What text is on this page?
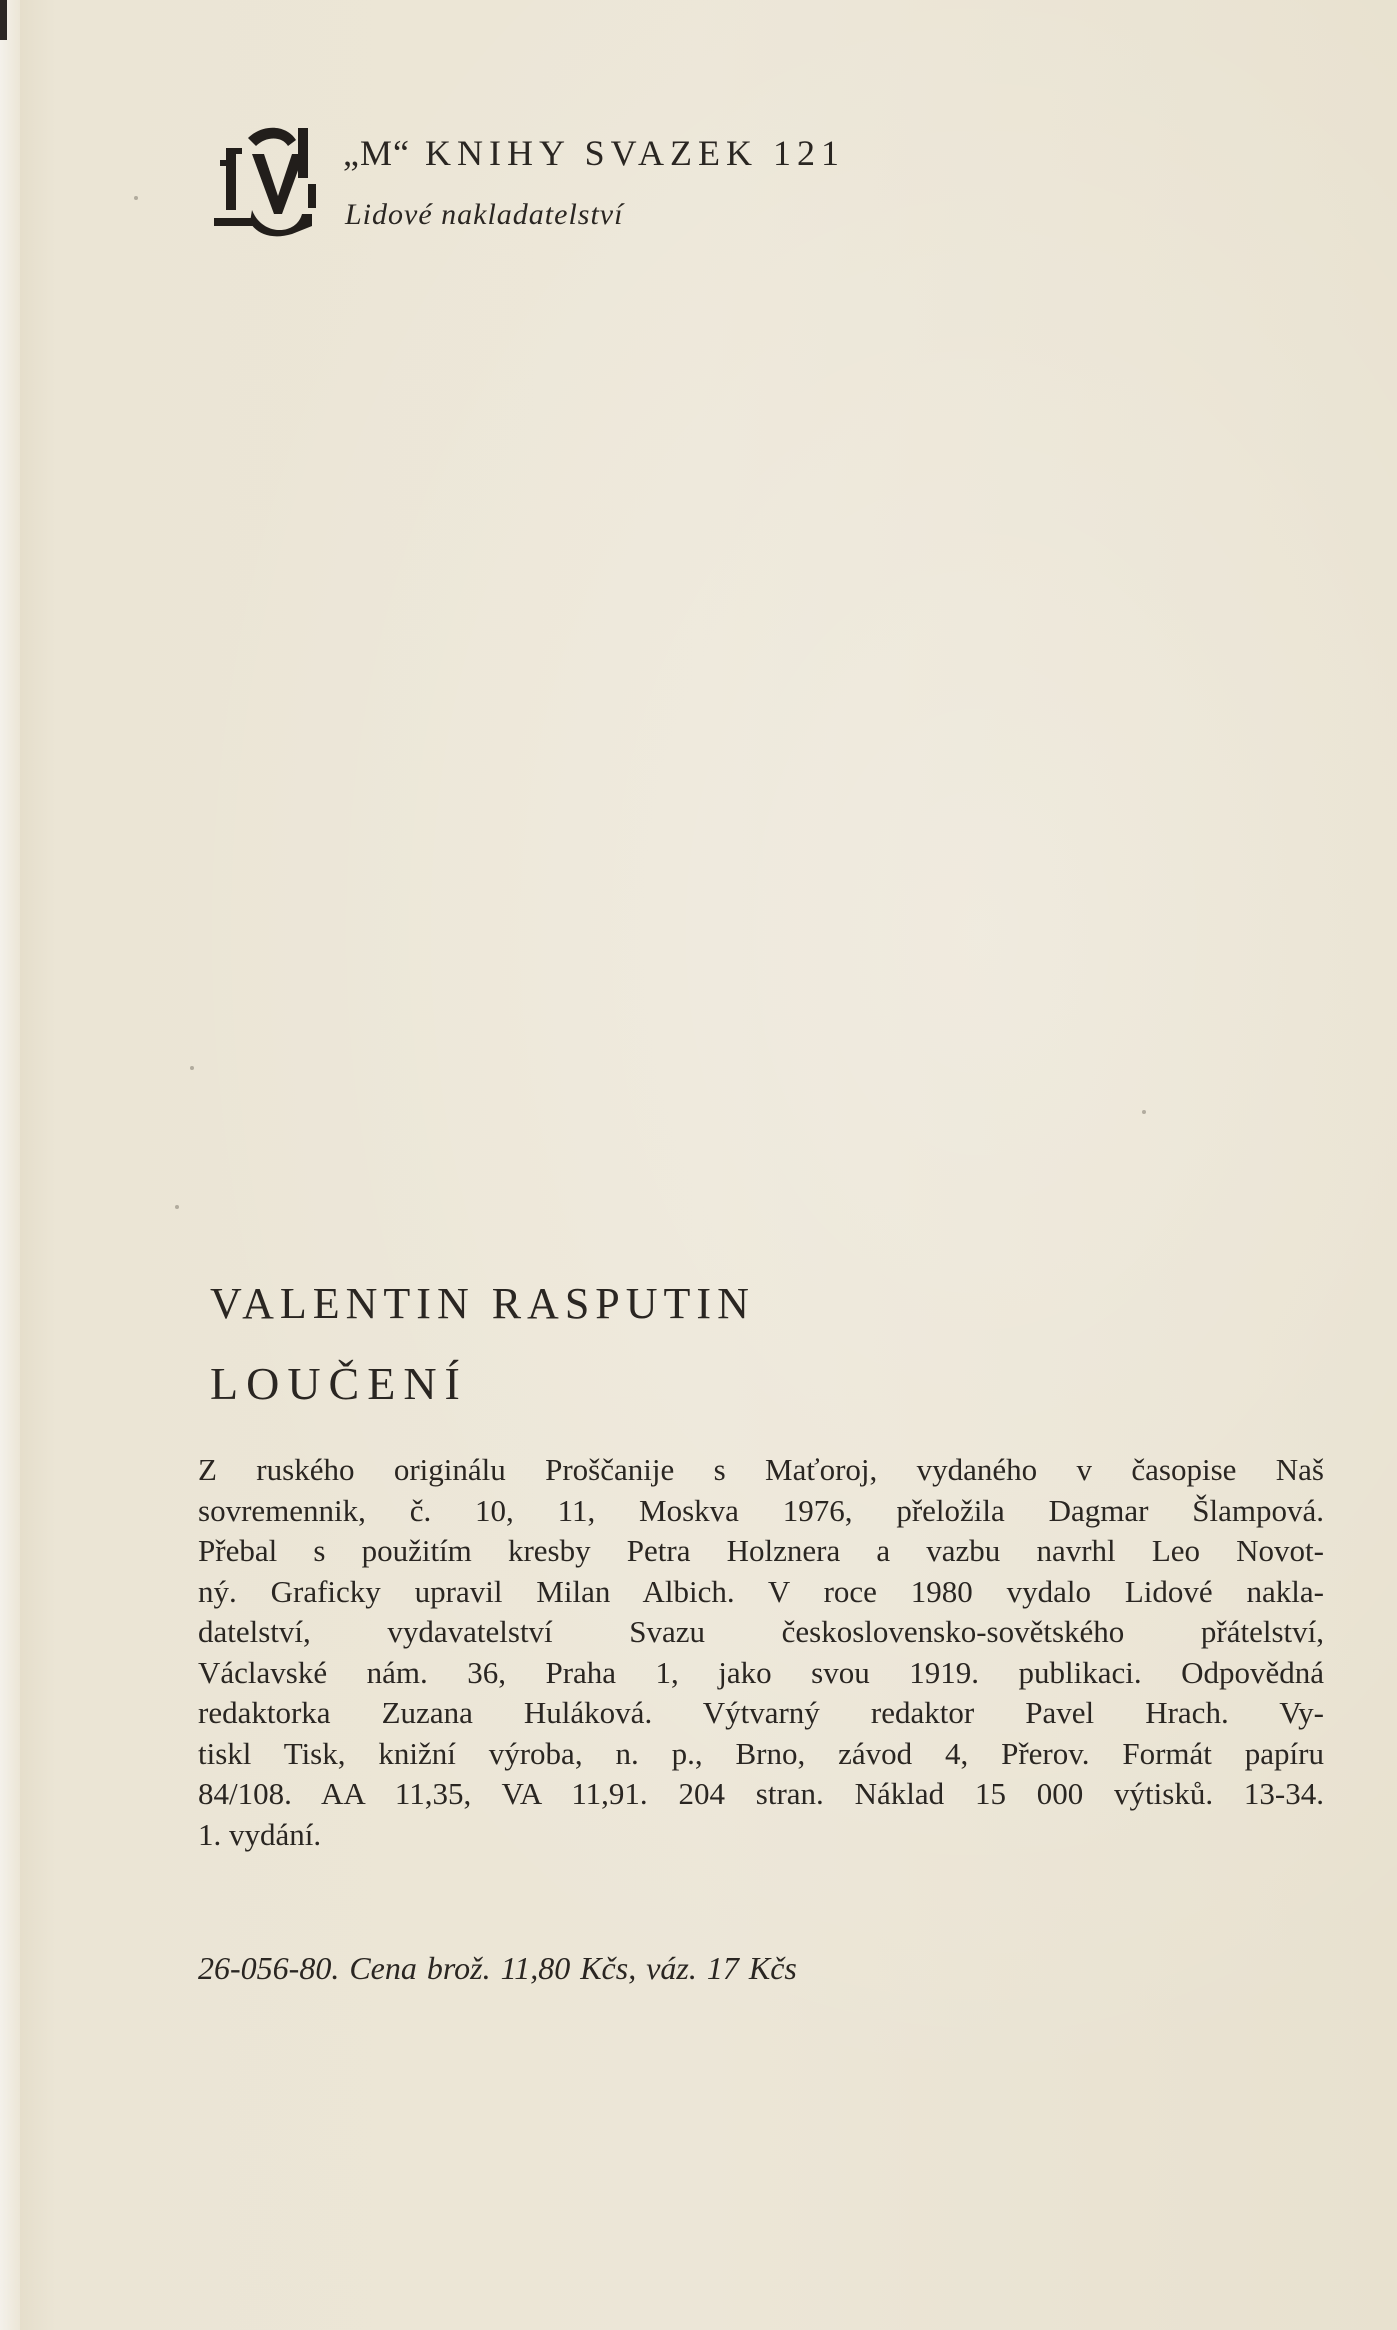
„M“ KNIHY SVAZEK 121
Lidové nakladatelství
VALENTIN RASPUTIN
LOUČENÍ
Z ruského originálu Proščanije s Maťoroj, vydaného v časopise Naš
sovremennik, č. 10, 11, Moskva 1976, přeložila Dagmar Šlampová.
Přebal s použitím kresby Petra Holznera a vazbu navrhl Leo Novot-
ný. Graficky upravil Milan Albich. V roce 1980 vydalo Lidové nakla-
datelství, vydavatelství Svazu československo-sovětského přátelství,
Václavské nám. 36, Praha 1, jako svou 1919. publikaci. Odpovědná
redaktorka Zuzana Huláková. Výtvarný redaktor Pavel Hrach. Vy-
tiskl Tisk, knižní výroba, n. p., Brno, závod 4, Přerov. Formát papíru
84/108. AA 11,35, VA 11,91. 204 stran. Náklad 15 000 výtisků. 13-34.
1. vydání.
26-056-80. Cena brož. 11,80 Kčs, váz. 17 Kčs
